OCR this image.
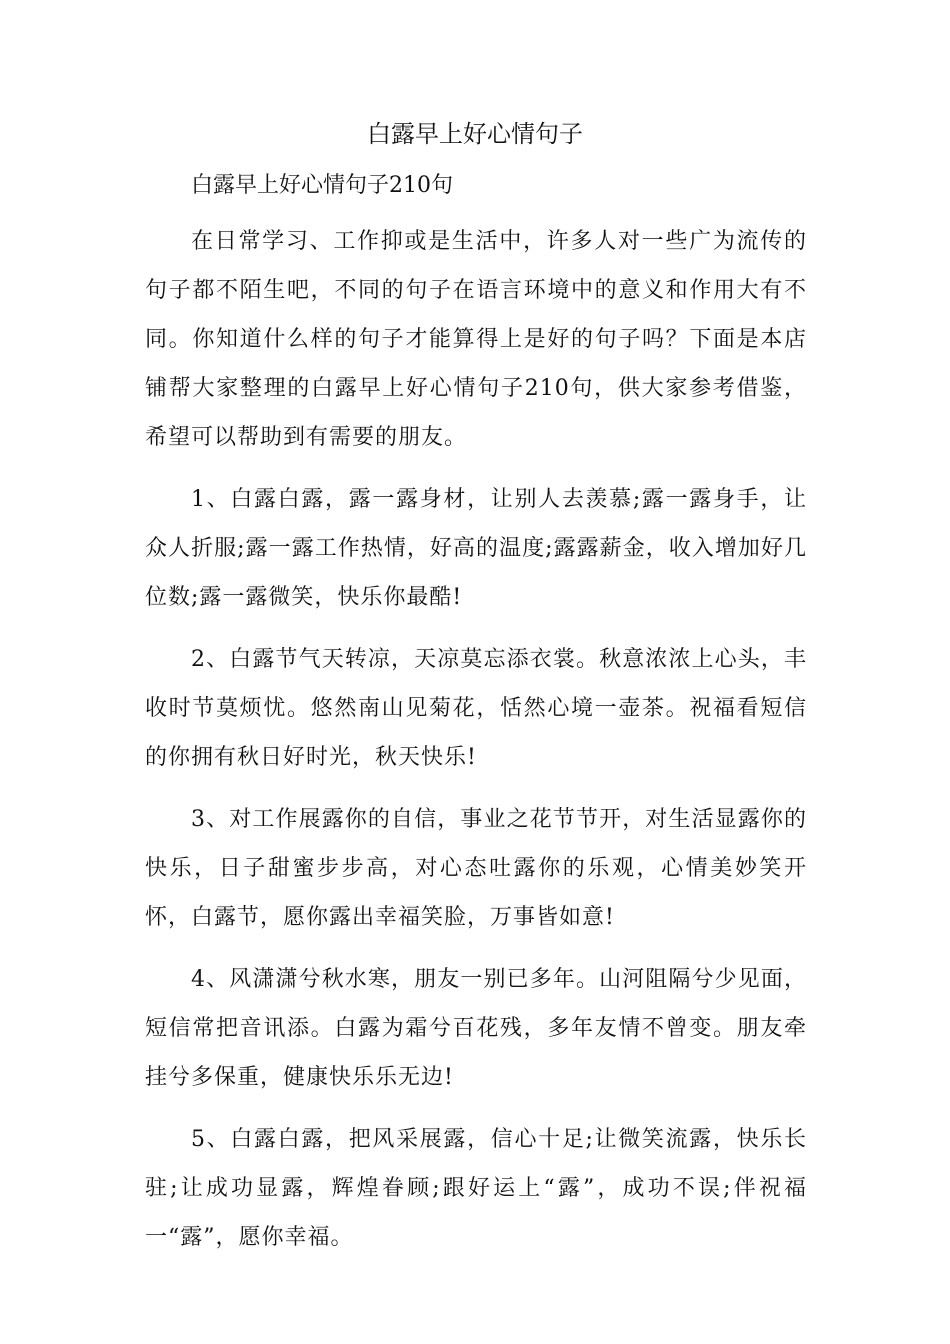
白露早上好心情句子

白露早上好心情句子210句

在日常学习、工作抑或是生活中，许多人对一些广为流传的句子都不陌生吧，不同的句子在语言环境中的意义和作用大有不同。你知道什么样的句子才能算得上是好的句子吗？下面是本店铺帮大家整理的白露早上好心情句子210句，供大家参考借鉴，希望可以帮助到有需要的朋友。

1、白露白露，露一露身材，让别人去羡慕;露一露身手，让众人折服;露一露工作热情，好高的温度;露露薪金，收入增加好几位数;露一露微笑，快乐你最酷!

2、白露节气天转凉，天凉莫忘添衣裳。秋意浓浓上心头，丰收时节莫烦忧。悠然南山见菊花，恬然心境一壶茶。祝福看短信的你拥有秋日好时光，秋天快乐!

3、对工作展露你的自信，事业之花节节开，对生活显露你的快乐，日子甜蜜步步高，对心态吐露你的乐观，心情美妙笑开怀，白露节，愿你露出幸福笑脸，万事皆如意!

4、风潇潇兮秋水寒，朋友一别已多年。山河阻隔兮少见面，短信常把音讯添。白露为霜兮百花残，多年友情不曾变。朋友牵挂兮多保重，健康快乐乐无边!

5、白露白露，把风采展露，信心十足;让微笑流露，快乐长驻;让成功显露，辉煌眷顾;跟好运上“露”，成功不误;伴祝福一“露”，愿你幸福。
